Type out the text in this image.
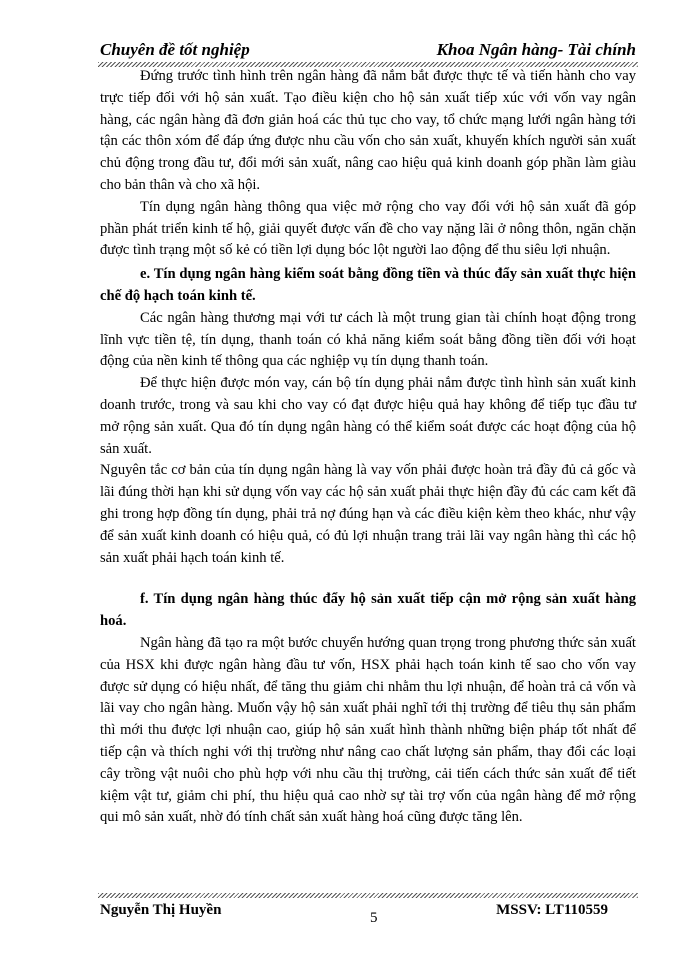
Chuyên đề tốt nghiệp	Khoa Ngân hàng- Tài chính

Đứng trước tình hình trên ngân hàng đã nắm bắt được thực tế và tiến hành cho vay trực tiếp đối với hộ sản xuất. Tạo điều kiện cho hộ sản xuất tiếp xúc với vốn vay ngân hàng, các ngân hàng đã đơn giản hoá các thủ tục cho vay, tổ chức mạng lưới ngân hàng tới tận các thôn xóm để đáp ứng được nhu cầu vốn cho sản xuất, khuyến khích người sản xuất chủ động trong đầu tư, đổi mới sản xuất, nâng cao hiệu quả kinh doanh góp phần làm giàu cho bản thân và cho xã hội.

Tín dụng ngân hàng thông qua việc mở rộng cho vay đối với hộ sản xuất đã góp phần phát triển kinh tế hộ, giải quyết được vấn đề cho vay nặng lãi ở nông thôn, ngăn chặn được tình trạng một số kẻ có tiền lợi dụng bóc lột người lao động để thu siêu lợi nhuận.

e. Tín dụng ngân hàng kiểm soát bằng đồng tiền và thúc đẩy sản xuất thực hiện chế độ hạch toán kinh tế.

Các ngân hàng thương mại với tư cách là một trung gian tài chính hoạt động trong lĩnh vực tiền tệ, tín dụng, thanh toán có khả năng kiểm soát bằng đồng tiền đối với hoạt động của nền kinh tế thông qua các nghiệp vụ tín dụng thanh toán.

Để thực hiện được món vay, cán bộ tín dụng phải nắm được tình hình sản xuất kinh doanh trước, trong và sau khi cho vay có đạt được hiệu quả hay không để tiếp tục đầu tư mở rộng sản xuất. Qua đó tín dụng ngân hàng có thể kiểm soát được các hoạt động của hộ sản xuất.

Nguyên tắc cơ bản của tín dụng ngân hàng là vay vốn phải được hoàn trả đầy đủ cả gốc và lãi đúng thời hạn khi sử dụng vốn vay các hộ sản xuất phải thực hiện đầy đủ các cam kết đã ghi trong hợp đồng tín dụng, phải trả nợ đúng hạn và các điều kiện kèm theo khác, như vậy để sản xuất kinh doanh có hiệu quả, có đủ lợi nhuận trang trải lãi vay ngân hàng thì các hộ sản xuất phải hạch toán kinh tế.

f. Tín dụng ngân hàng thúc đẩy hộ sản xuất tiếp cận mở rộng sản xuất hàng hoá.

Ngân hàng đã tạo ra một bước chuyển hướng quan trọng trong phương thức sản xuất của HSX khi được ngân hàng đầu tư vốn, HSX phải hạch toán kinh tế sao cho vốn vay được sử dụng có hiệu nhất, để tăng thu giảm chi nhằm thu lợi nhuận, để hoàn trả cả vốn và lãi vay cho ngân hàng. Muốn vậy hộ sản xuất phải nghĩ tới thị trường để tiêu thụ sản phẩm thì mới thu được lợi nhuận cao, giúp hộ sản xuất hình thành những biện pháp tốt nhất để tiếp cận và thích nghi với thị trường như nâng cao chất lượng sản phẩm, thay đổi các loại cây trồng vật nuôi cho phù hợp với nhu cầu thị trường, cải tiến cách thức sản xuất để tiết kiệm vật tư, giảm chi phí, thu hiệu quả cao nhờ sự tài trợ vốn của ngân hàng để mở rộng qui mô sản xuất, nhờ đó tính chất sản xuất hàng hoá cũng được tăng lên.

Nguyễn Thị Huyền	5	MSSV: LT110559
